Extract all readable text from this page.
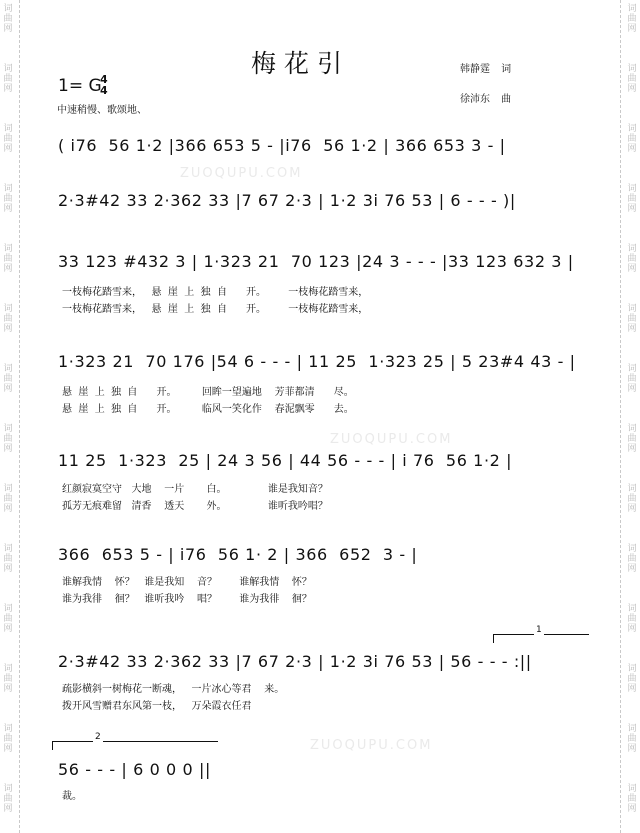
词
曲
网
词
曲
网
词
曲
网
词
曲
网
词
曲
网
词
曲
网
词
曲
网
词
曲
网
词
曲
网
词
曲
网
词
曲
网
词
曲
网
词
曲
网
词
曲
网
词
曲
网
词
曲
网
词
曲
网
词
曲
网
词
曲
网
词
曲
网
词
曲
网
词
曲
网
词
曲
网
词
曲
网
词
曲
网
词
曲
网
词
曲
网
词
曲
网
梅花引	韩静霆 词
徐沛东 曲
1= G
4
4
中速稍慢、歌颂地、
ZUOQUPU.COM
ZUOQUPU.COM
ZUOQUPU.COM
( i76  56 1·2 |366 653 5 - |i76  56 1·2 | 366 653 3 - |
2·3#42 33 2·362 33 |7 67 2·3 | 1·2 3i 76 53 | 6 - - - )|
33 123 #432 3 | 1·323 21  70 123 |24 3 - - - |33 123 632 3 |
一枝梅花踏雪来，   悬  崖  上  独  自      开。       一枝梅花踏雪来，
一枝梅花踏雪来，   悬  崖  上  独  自      开。       一枝梅花踏雪来，
1·323 21  70 176 |54 6 - - - | 11 25  1·323 25 | 5 23#4 43 - |
悬  崖  上  独  自      开。        回眸一望遍地    芳菲都清      尽。
悬  崖  上  独  自      开。        临风一笑化作    春泥飘零      去。
11 25  1·323  25 | 24 3 56 | 44 56 - - - | i 76  56 1·2 |
红颜寂寞空守   大地    一片       白。             谁是我知音？
孤芳无痕难留   清香    透天       外。             谁听我吟唱？
366  653 5 - | i76  56 1· 2 | 366  652  3 - |
谁解我情    怀？   谁是我知    音？       谁解我情    怀？
谁为我徘    徊？   谁听我吟    唱？       谁为我徘    徊？
1
2·3#42 33 2·362 33 |7 67 2·3 | 1·2 3i 76 53 | 56 - - - :||
疏影横斜一树梅花一断魂，   一片冰心等君    来。
拨开风雪赠君东风第一枝，   万朵霞衣任君
2
56 - - - | 6 0 0 0 ||
裁。
